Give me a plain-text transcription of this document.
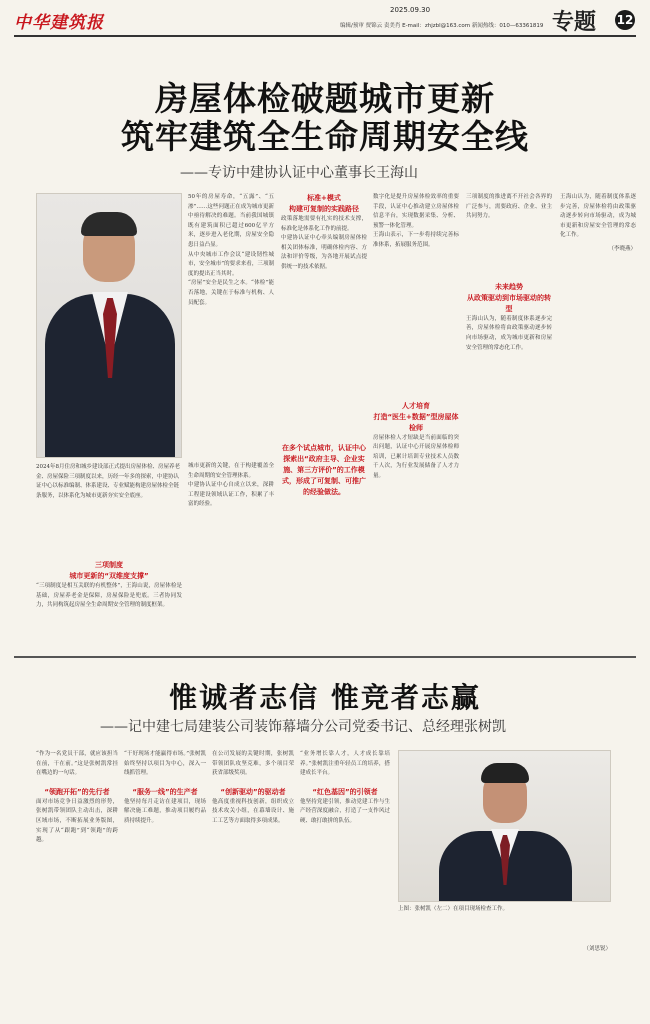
中华建筑报
2025.09.30
编辑/预审 贾锦云 责美肖 E-mail：zhjzbl@163.com 新闻热线：010—63361819 专题 12
房屋体检破题城市更新
筑牢建筑全生命周期安全线
——专访中建协认证中心董事长王海山
2024年8月住房和城乡建设部正式提出房屋体检、房屋养老金、房屋保险三项制度以来，历经一年多的探索，中建协认证中心以标准编制、体系建设、专业赋能构建房屋体检全链条服务，以体系化为城市更新夯实安全底座。

50年的房屋寿命，“五露”、“五渗”……这些问题正在成为城市更新中亟待解决的难题。当前我国城镇既有建筑面积已超过600亿平方米，逐步进入老化期，房屋安全隐患日益凸显。

从中央城市工作会议“建设韧性城市，安全城市”的要求来看，三项制度的提出正当其时。

“房屋”安全是民生之本。“体检”能否落地，关键在于标准与机构、人员配套。

三项制度
城市更新的“双维度支撑”

“三项制度是相互关联的有机整体”，王海山说，房屋体检是基础，房屋养老金是保障，房屋保险是兜底。三者协同发力，共同构筑起房屋全生命周期安全管理的制度框架。

城市更新的关键，在于构建覆盖全生命周期的安全管理体系。

中建协认证中心自成立以来，深耕工程建设领域认证工作，积累了丰富的经验。

标准+模式
构建可复制的实践路径

政策落地需要有扎实的技术支撑，标准化是体系化工作的前提。

中建协认证中心牵头编制房屋体检相关团体标准，明确体检内容、方法和评价等级，为各地开展试点提供统一的技术依据。

在多个试点城市，认证中心探索出“政府主导、企业实施、第三方评价”的工作模式，形成了可复制、可推广的经验做法。

数字化是提升房屋体检效率的重要手段，认证中心推动建立房屋体检信息平台，实现数据采集、分析、预警一体化管理。

王海山表示，下一步将持续完善标准体系，拓展服务范围。

人才培育
打造“医生+数据”型房屋体检师

房屋体检人才短缺是当前面临的突出问题，认证中心开展房屋体检师培训，已累计培训专业技术人员数千人次，为行业发展储备了人才力量。

三项制度的推进离不开社会各界的广泛参与，需要政府、企业、业主共同努力。

未来趋势
从政策驱动到市场驱动的转型

王海山认为，随着制度体系逐步完善，房屋体检将由政策驱动逐步转向市场驱动，成为城市更新和房屋安全管理的常态化工作。

王海山认为，随着制度体系逐步完善，房屋体检将由政策驱动逐步转向市场驱动，成为城市更新和房屋安全管理的常态化工作。

（李晓燕）

惟诚者志信 惟竞者志赢
——记中建七局建装公司装饰幕墙分公司党委书记、总经理张树凯

“作为一名党员干部，就应该担当在前，干在前。”这是张树凯常挂在嘴边的一句话。

“领跑开拓”的先行者

面对市场竞争日益激烈的形势，张树凯带领团队主动出击，深耕区域市场，不断拓展业务版图，实现了从“跟跑”到“领跑”的跨越。

“干好现场才能赢得市场。”张树凯始终坚持以项目为中心，深入一线抓管理。

“服务一线”的生产者

他坚持每月走访在建项目，现场解决施工难题，推动项目履约品质持续提升。

在公司发展的关键时期，张树凯带领团队攻坚克难，多个项目荣获省部级奖项。

“创新驱动”的驱动者

他高度重视科技创新，组织成立技术攻关小组，在幕墙设计、施工工艺等方面取得多项成果。

“业务增长靠人才，人才成长靠培养。”张树凯注重年轻员工的培养，搭建成长平台。

“红色基因”的引领者

他坚持党建引领，推动党建工作与生产经营深度融合，打造了一支作风过硬、敢打敢拼的队伍。

上图：张树凯（左二）在项目现场检查工作。

（刘思锐）
